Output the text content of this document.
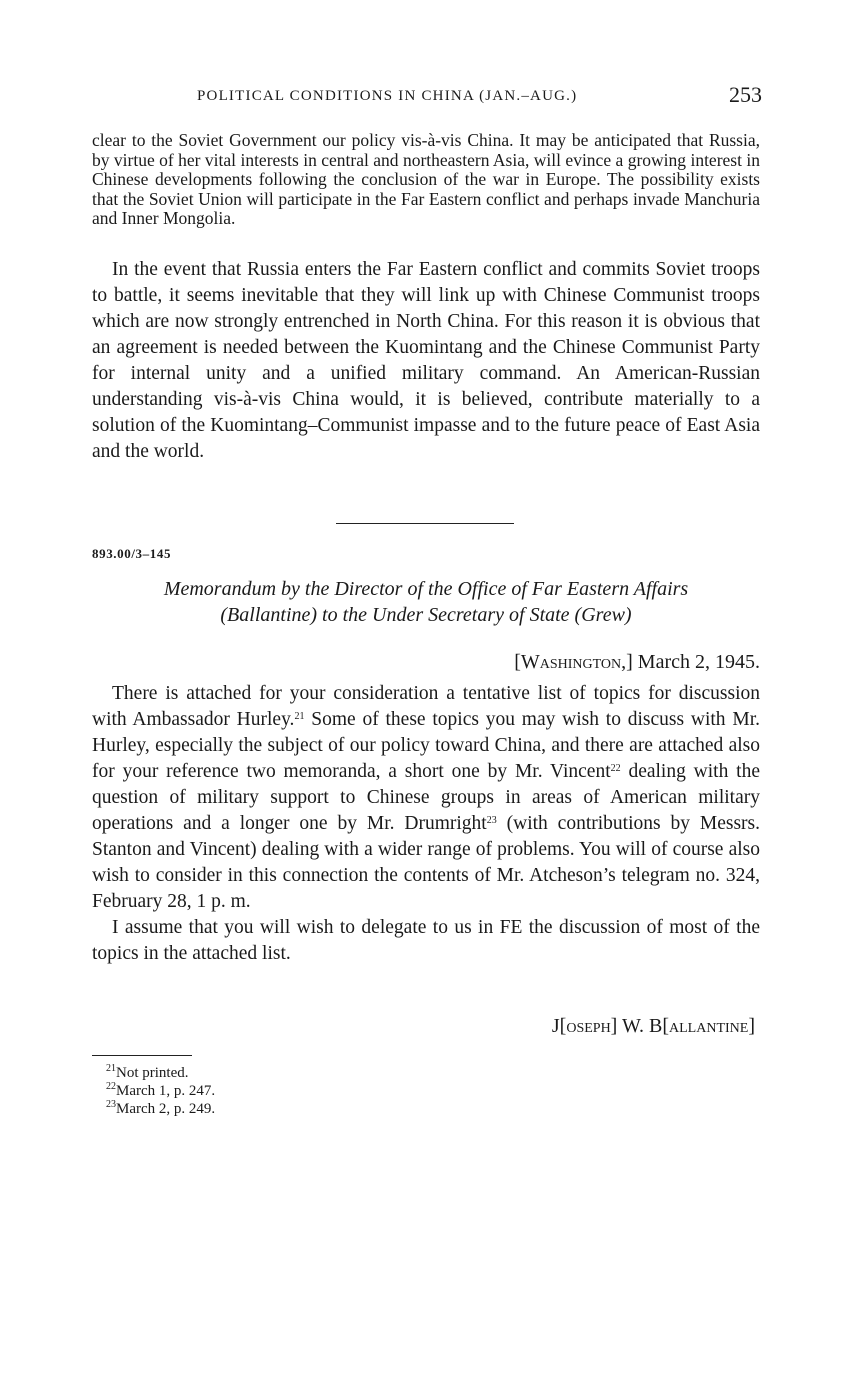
POLITICAL CONDITIONS IN CHINA (JAN.–AUG.)	253

clear to the Soviet Government our policy vis-à-vis China. It may be anticipated that Russia, by virtue of her vital interests in central and northeastern Asia, will evince a growing interest in Chinese developments following the conclusion of the war in Europe. The possibility exists that the Soviet Union will participate in the Far Eastern conflict and perhaps invade Manchuria and Inner Mongolia.

In the event that Russia enters the Far Eastern conflict and commits Soviet troops to battle, it seems inevitable that they will link up with Chinese Communist troops which are now strongly entrenched in North China. For this reason it is obvious that an agreement is needed between the Kuomintang and the Chinese Communist Party for internal unity and a unified military command. An American-Russian understanding vis-à-vis China would, it is believed, contribute materially to a solution of the Kuomintang–Communist impasse and to the future peace of East Asia and the world.

893.00/3–145
Memorandum by the Director of the Office of Far Eastern Affairs
(Ballantine) to the Under Secretary of State (Grew)
[Washington,] March 2, 1945.

There is attached for your consideration a tentative list of topics for discussion with Ambassador Hurley.$^{21}$ Some of these topics you may wish to discuss with Mr. Hurley, especially the subject of our policy toward China, and there are attached also for your reference two memoranda, a short one by Mr. Vincent$^{22}$ dealing with the question of military support to Chinese groups in areas of American military operations and a longer one by Mr. Drumright$^{23}$ (with contributions by Messrs. Stanton and Vincent) dealing with a wider range of problems. You will of course also wish to consider in this connection the contents of Mr. Atcheson’s telegram no. 324, February 28, 1 p. m.

I assume that you will wish to delegate to us in FE the discussion of most of the topics in the attached list.

J[oseph] W. B[allantine]
$^{21}$Not printed.
$^{22}$March 1, p. 247.
$^{23}$March 2, p. 249.
